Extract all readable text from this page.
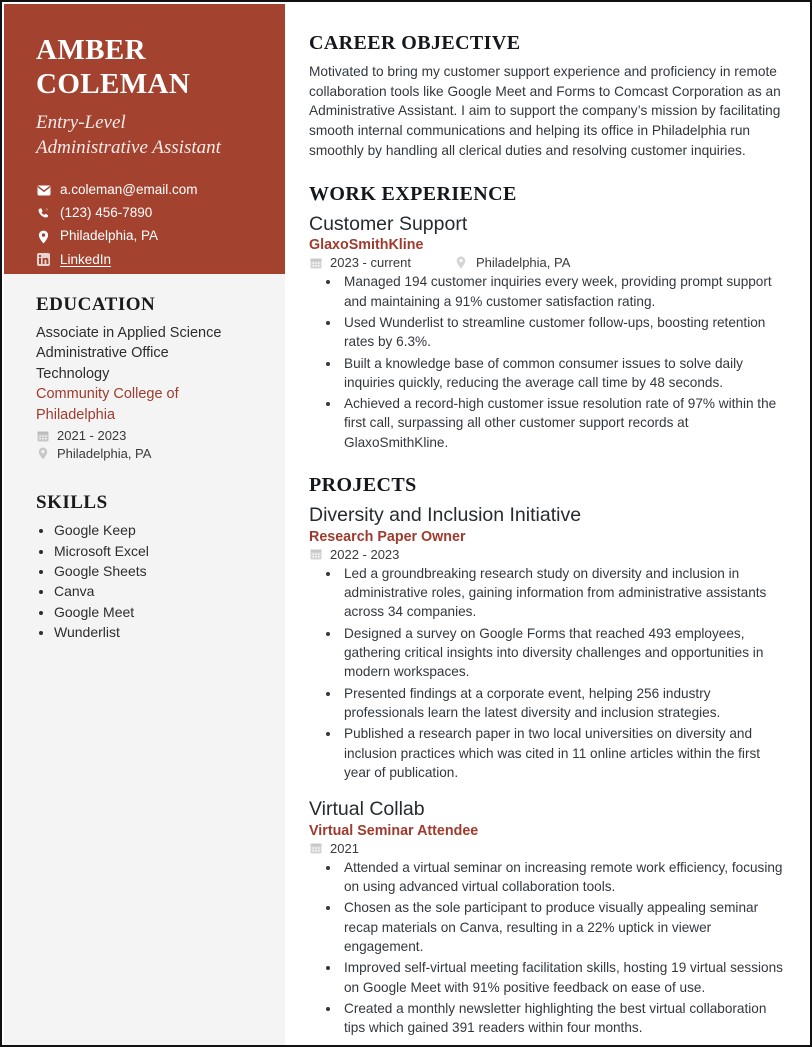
AMBER
COLEMAN
Entry-Level
Administrative Assistant
a.coleman@email.com
(123) 456-7890
Philadelphia, PA
LinkedIn
EDUCATION

Associate in Applied Science

Administrative Office

Technology

Community College of

Philadelphia

2021 - 2023
Philadelphia, PA
SKILLS
• Google Keep
• Microsoft Excel
• Google Sheets
• Canva
• Google Meet
• Wunderlist
CAREER OBJECTIVE

Motivated to bring my customer support experience and proficiency in remote collaboration tools like Google Meet and Forms to Comcast Corporation as an Administrative Assistant. I aim to support the company’s mission by facilitating smooth internal communications and helping its office in Philadelphia run smoothly by handling all clerical duties and resolving customer inquiries.

WORK EXPERIENCE
Customer Support
GlaxoSmithKline
2023 - current	Philadelphia, PA
• Managed 194 customer inquiries every week, providing prompt support and maintaining a 91% customer satisfaction rating.
• Used Wunderlist to streamline customer follow-ups, boosting retention rates by 6.3%.
• Built a knowledge base of common consumer issues to solve daily inquiries quickly, reducing the average call time by 48 seconds.
• Achieved a record-high customer issue resolution rate of 97% within the first call, surpassing all other customer support records at GlaxoSmithKline.
PROJECTS
Diversity and Inclusion Initiative
Research Paper Owner
2022 - 2023
• Led a groundbreaking research study on diversity and inclusion in administrative roles, gaining information from administrative assistants across 34 companies.
• Designed a survey on Google Forms that reached 493 employees, gathering critical insights into diversity challenges and opportunities in modern workspaces.
• Presented findings at a corporate event, helping 256 industry professionals learn the latest diversity and inclusion strategies.
• Published a research paper in two local universities on diversity and inclusion practices which was cited in 11 online articles within the first year of publication.
Virtual Collab
Virtual Seminar Attendee
2021
• Attended a virtual seminar on increasing remote work efficiency, focusing on using advanced virtual collaboration tools.
• Chosen as the sole participant to produce visually appealing seminar recap materials on Canva, resulting in a 22% uptick in viewer engagement.
• Improved self-virtual meeting facilitation skills, hosting 19 virtual sessions on Google Meet with 91% positive feedback on ease of use.
• Created a monthly newsletter highlighting the best virtual collaboration tips which gained 391 readers within four months.
